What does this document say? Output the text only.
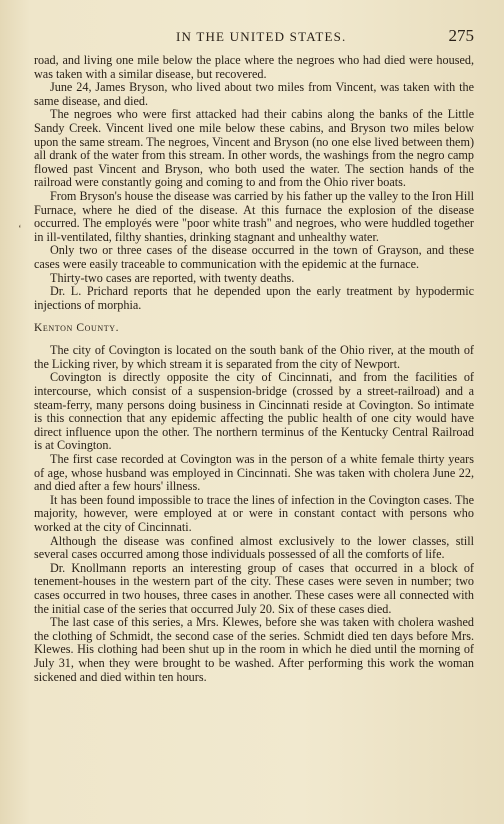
IN THE UNITED STATES.	275
‘

road, and living one mile below the place where the negroes who had died were housed, was taken with a similar disease, but recovered.

June 24, James Bryson, who lived about two miles from Vincent, was taken with the same disease, and died.

The negroes who were first attacked had their cabins along the banks of the Little Sandy Creek. Vincent lived one mile below these cabins, and Bryson two miles below upon the same stream. The negroes, Vincent and Bryson (no one else lived between them) all drank of the water from this stream. In other words, the washings from the negro camp flowed past Vincent and Bryson, who both used the water. The section hands of the railroad were constantly going and coming to and from the Ohio river boats.

From Bryson's house the disease was carried by his father up the valley to the Iron Hill Furnace, where he died of the disease. At this furnace the explosion of the disease occurred. The employés were "poor white trash" and negroes, who were huddled together in ill-ventilated, filthy shanties, drinking stagnant and unhealthy water.

Only two or three cases of the disease occurred in the town of Grayson, and these cases were easily traceable to communication with the epidemic at the furnace.

Thirty-two cases are reported, with twenty deaths.

Dr. L. Prichard reports that he depended upon the early treatment by hypodermic injections of morphia.

Kenton County.

The city of Covington is located on the south bank of the Ohio river, at the mouth of the Licking river, by which stream it is separated from the city of Newport.

Covington is directly opposite the city of Cincinnati, and from the facilities of intercourse, which consist of a suspension-bridge (crossed by a street-railroad) and a steam-ferry, many persons doing business in Cincinnati reside at Covington. So intimate is this connection that any epidemic affecting the public health of one city would have direct influence upon the other. The northern terminus of the Kentucky Central Railroad is at Covington.

The first case recorded at Covington was in the person of a white female thirty years of age, whose husband was employed in Cincinnati. She was taken with cholera June 22, and died after a few hours' illness.

It has been found impossible to trace the lines of infection in the Covington cases. The majority, however, were employed at or were in constant contact with persons who worked at the city of Cincinnati.

Although the disease was confined almost exclusively to the lower classes, still several cases occurred among those individuals possessed of all the comforts of life.

Dr. Knollmann reports an interesting group of cases that occurred in a block of tenement-houses in the western part of the city. These cases were seven in number; two cases occurred in two houses, three cases in another. These cases were all connected with the initial case of the series that occurred July 20. Six of these cases died.

The last case of this series, a Mrs. Klewes, before she was taken with cholera washed the clothing of Schmidt, the second case of the series. Schmidt died ten days before Mrs. Klewes. His clothing had been shut up in the room in which he died until the morning of July 31, when they were brought to be washed. After performing this work the woman sickened and died within ten hours.
